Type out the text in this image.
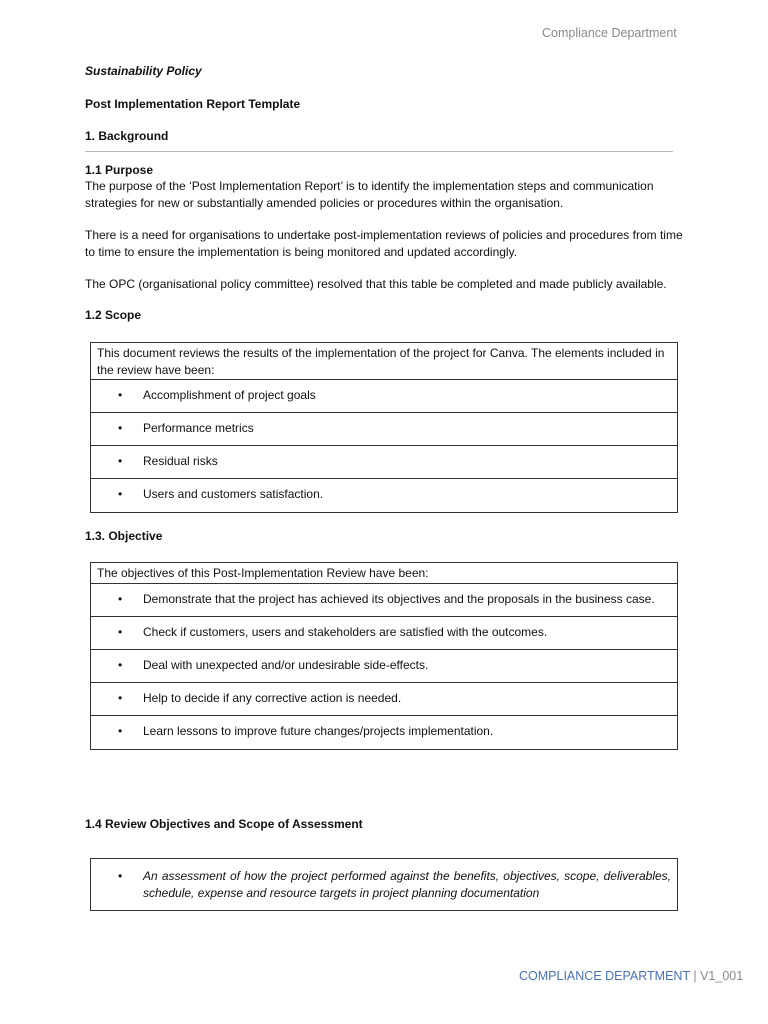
Compliance Department
Sustainability Policy
Post Implementation Report Template
1. Background
1.1 Purpose
The purpose of the ‘Post Implementation Report’ is to identify the implementation steps and communication strategies for new or substantially amended policies or procedures within the organisation.
There is a need for organisations to undertake post-implementation reviews of policies and procedures from time to time to ensure the implementation is being monitored and updated accordingly.
The OPC (organisational policy committee) resolved that this table be completed and made publicly available.
1.2 Scope
This document reviews the results of the implementation of the project for Canva. The elements included in the review have been:
• Accomplishment of project goals
• Performance metrics
• Residual risks
• Users and customers satisfaction.
1.3. Objective
The objectives of this Post-Implementation Review have been:
• Demonstrate that the project has achieved its objectives and the proposals in the business case.
• Check if customers, users and stakeholders are satisfied with the outcomes.
• Deal with unexpected and/or undesirable side-effects.
• Help to decide if any corrective action is needed.
• Learn lessons to improve future changes/projects implementation.
1.4 Review Objectives and Scope of Assessment
• An assessment of how the project performed against the benefits, objectives, scope, deliverables, schedule, expense and resource targets in project planning documentation
COMPLIANCE DEPARTMENT | V1_001
